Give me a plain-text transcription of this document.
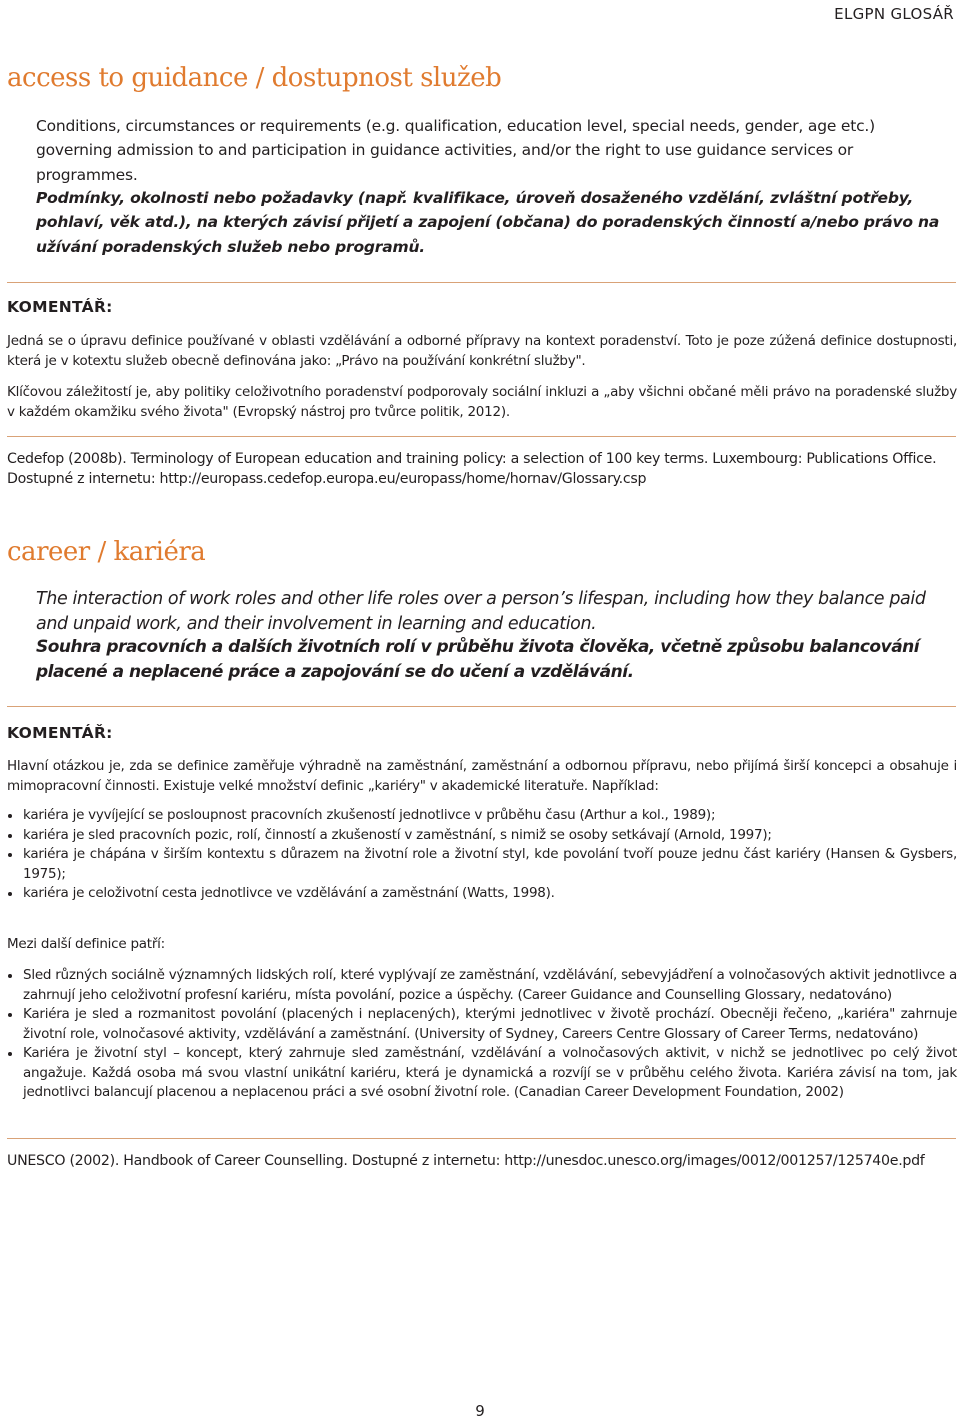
ELGPN GLOSÁŘ
access to guidance / dostupnost služeb

Conditions, circumstances or requirements (e.g. qualification, education level, special needs, gender, age etc.) governing admission to and participation in guidance activities, and/or the right to use guidance services or programmes.

Podmínky, okolnosti nebo požadavky (např. kvalifikace, úroveň dosaženého vzdělání, zvláštní potřeby, pohlaví, věk atd.), na kterých závisí přijetí a zapojení (občana) do poradenských činností a/nebo právo na užívání poradenských služeb nebo programů.

KOMENTÁŘ:

Jedná se o úpravu definice používané v oblasti vzdělávání a odborné přípravy na kontext poradenství. Toto je poze zúžená definice dostupnosti, která je v kotextu služeb obecně definována jako: „Právo na používání konkrétní služby".

Klíčovou záležitostí je, aby politiky celoživotního poradenství podporovaly sociální inkluzi a „aby všichni občané měli právo na poradenské služby v každém okamžiku svého života" (Evropský nástroj pro tvůrce politik, 2012).

Cedefop (2008b). Terminology of European education and training policy: a selection of 100 key terms. Luxembourg: Publications Office. Dostupné z internetu: http://europass.cedefop.europa.eu/europass/home/hornav/Glossary.csp

career / kariéra

The interaction of work roles and other life roles over a person’s lifespan, including how they balance paid and unpaid work, and their involvement in learning and education.

Souhra pracovních a dalších životních rolí v průběhu života člověka, včetně způsobu balancování placené a neplacené práce a zapojování se do učení a vzdělávání.

KOMENTÁŘ:

Hlavní otázkou je, zda se definice zaměřuje výhradně na zaměstnání, zaměstnání a odbornou přípravu, nebo přijímá širší koncepci a obsahuje i mimopracovní činnosti. Existuje velké množství definic „kariéry" v akademické literatuře. Například:

kariéra je vyvíjející se posloupnost pracovních zkušeností jednotlivce v průběhu času (Arthur a kol., 1989);
kariéra je sled pracovních pozic, rolí, činností a zkušeností v zaměstnání, s nimiž se osoby setkávají (Arnold, 1997);
kariéra je chápána v širším kontextu s důrazem na životní role a životní styl, kde povolání tvoří pouze jednu část kariéry (Hansen & Gysbers, 1975);
kariéra je celoživotní cesta jednotlivce ve vzdělávání a zaměstnání (Watts, 1998).

Mezi další definice patří:

Sled různých sociálně významných lidských rolí, které vyplývají ze zaměstnání, vzdělávání, sebevyjádření a volnočasových aktivit jednotlivce a zahrnují jeho celoživotní profesní kariéru, místa povolání, pozice a úspěchy. (Career Guidance and Counselling Glossary, nedatováno)
Kariéra je sled a rozmanitost povolání (placených i neplacených), kterými jednotlivec v životě prochází. Obecněji řečeno, „kariéra" zahrnuje životní role, volnočasové aktivity, vzdělávání a zaměstnání. (University of Sydney, Careers Centre Glossary of Career Terms, nedatováno)
Kariéra je životní styl – koncept, který zahrnuje sled zaměstnání, vzdělávání a volnočasových aktivit, v nichž se jednotlivec po celý život angažuje. Každá osoba má svou vlastní unikátní kariéru, která je dynamická a rozvíjí se v průběhu celého života. Kariéra závisí na tom, jak jednotlivci balancují placenou a neplacenou práci a své osobní životní role. (Canadian Career Development Foundation, 2002)

UNESCO (2002). Handbook of Career Counselling. Dostupné z internetu: http://unesdoc.unesco.org/images/0012/001257/125740e.pdf

9
